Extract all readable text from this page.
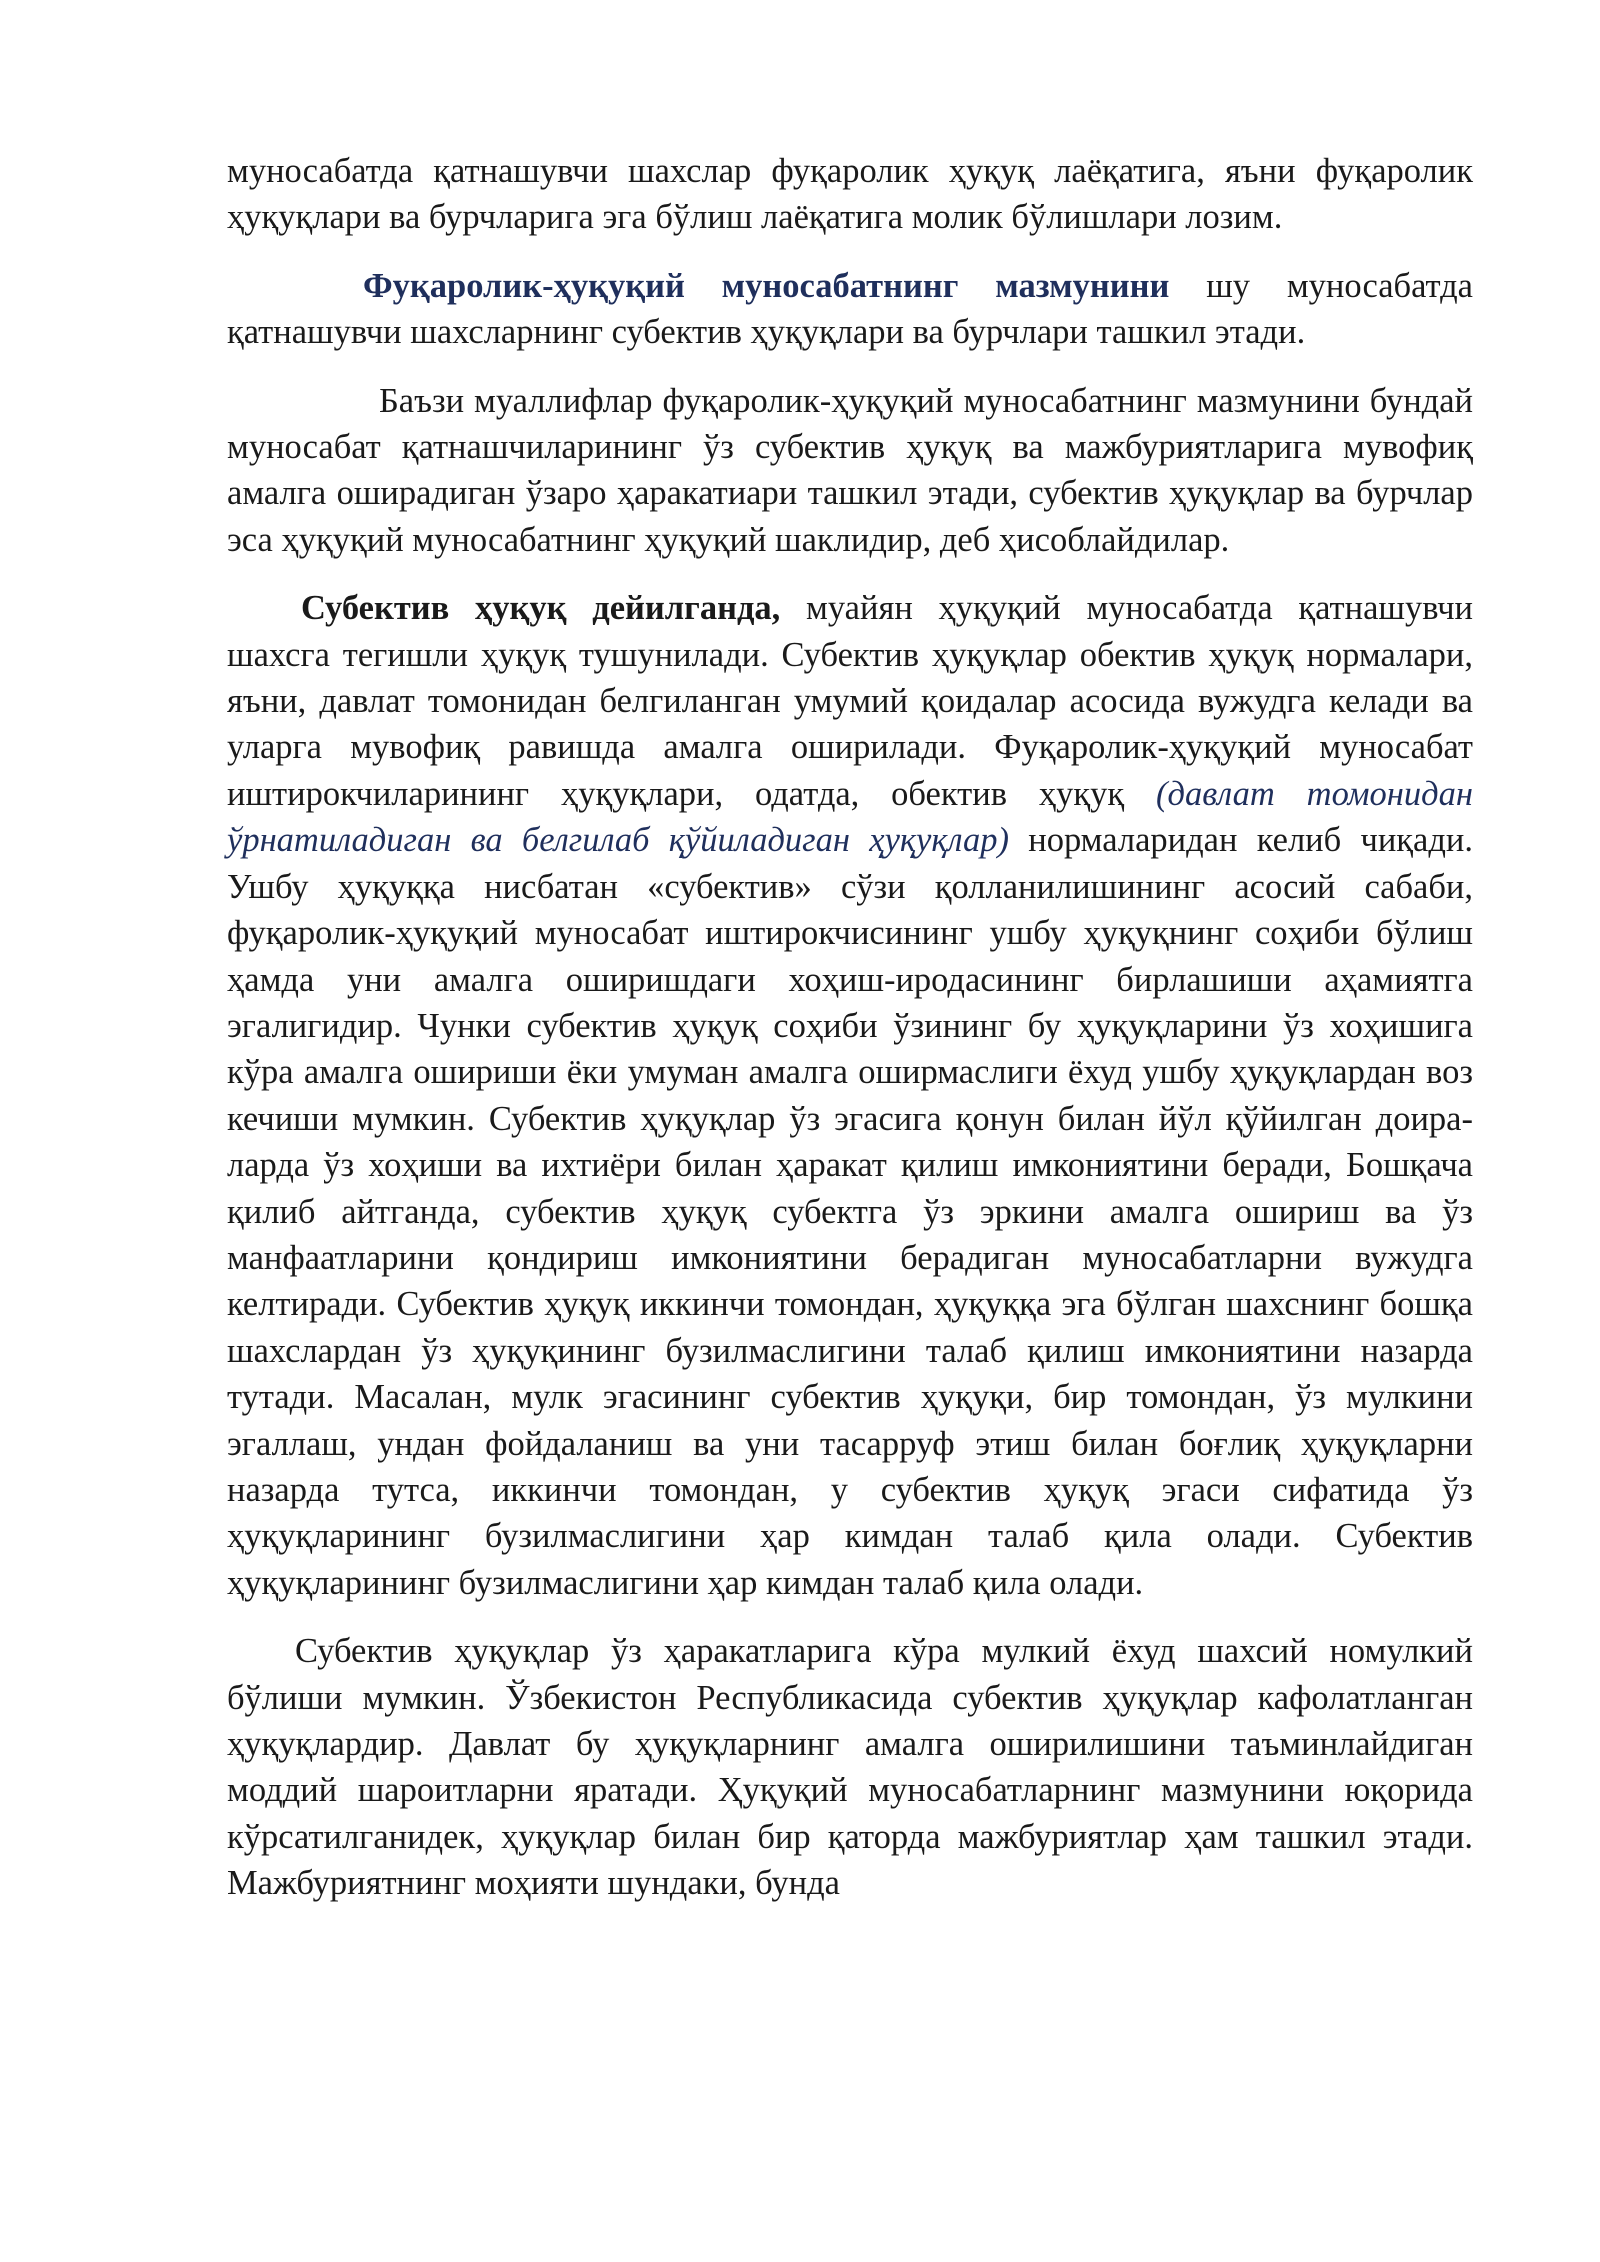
муносабатда қатнашувчи шахслар фуқаролик ҳуқуқ лаёқатига, яъни фуқаролик ҳуқуқлари ва бурчларига эга бўлиш лаёқатига молик бўлишлари лозим.

Фуқаролик-ҳуқуқий муносабатнинг мазмунини шу муносабатда қатнашувчи шахсларнинг субектив ҳуқуқлари ва бурчлари ташкил этади.

Баъзи муаллифлар фуқаролик-ҳуқуқий муносабатнинг мазмунини бундай муносабат қатнашчиларининг ўз субектив ҳуқуқ ва мажбуриятларига мувофиқ амалга оширадиган ўзаро ҳаракатиари ташкил этади, субектив ҳуқуқлар ва бурчлар эса ҳуқуқий муносабатнинг ҳуқуқий шаклидир, деб ҳисоблайдилар.

Субектив ҳуқуқ дейилганда, муайян ҳуқуқий муносабатда қатнашувчи шахсга тегишли ҳуқуқ тушунилади. Субектив ҳуқуқлар обектив ҳуқуқ нормалари, яъни, давлат томонидан белгиланган умумий қоидалар асосида вужудга келади ва уларга мувофиқ равишда амалга оширилади. Фуқаролик-ҳуқуқий муносабат иштирокчиларининг ҳуқуқлари, одатда, обектив ҳуқуқ (давлат томонидан ўрнатиладиган ва белгилаб қўйиладиган ҳуқуқлар) нормаларидан келиб чиқади. Ушбу ҳуқуққа нисбатан «субектив» сўзи қолланилишининг асосий сабаби, фуқаролик-ҳуқуқий муносабат иштирокчисининг ушбу ҳуқуқнинг соҳиби бўлиш ҳамда уни амалга оширишдаги хоҳиш-иродасининг бирлашиши аҳамиятга эгалигидир. Чунки субектив ҳуқуқ соҳиби ўзининг бу ҳуқуқларини ўз хоҳишига кўра амалга ошириши ёки умуман амалга оширмаслиги ёхуд ушбу ҳуқуқлардан воз кечиши мумкин. Субектив ҳуқуқлар ўз эгасига қонун билан йўл қўйилган доира- ларда ўз хоҳиши ва ихтиёри билан ҳаракат қилиш имкониятини беради, Бошқача қилиб айтганда, субектив ҳуқуқ субектга ўз эркини амалга ошириш ва ўз манфаатларини қондириш имкониятини берадиган муносабатларни вужудга келтиради. Субектив ҳуқуқ иккинчи томондан, ҳуқуққа эга бўлган шахснинг бошқа шахслардан ўз ҳуқуқининг бузилмаслигини талаб қилиш имкониятини назарда тутади. Масалан, мулк эгасининг субектив ҳуқуқи, бир томондан, ўз мулкини эгаллаш, ундан фойдаланиш ва уни тасарруф этиш билан боғлиқ ҳуқуқларни назарда тутса, иккинчи томондан, у субектив ҳуқуқ эгаси сифатида ўз ҳуқуқларининг бузилмаслигини ҳар кимдан талаб қила олади. Субектив ҳуқуқларининг бузилмаслигини ҳар кимдан талаб қила олади.

Субектив ҳуқуқлар ўз ҳаракатларига кўра мулкий ёхуд шахсий номулкий бўлиши мумкин. Ўзбекистон Республикасида субектив ҳуқуқлар кафолатланган ҳуқуқлардир. Давлат бу ҳуқуқларнинг амалга оширилишини таъминлайдиган моддий шароитларни яратади. Ҳуқуқий муносабатларнинг мазмунини юқорида кўрсатилганидек, ҳуқуқлар билан бир қаторда мажбуриятлар ҳам ташкил этади. Мажбуриятнинг моҳияти шундаки, бунда
